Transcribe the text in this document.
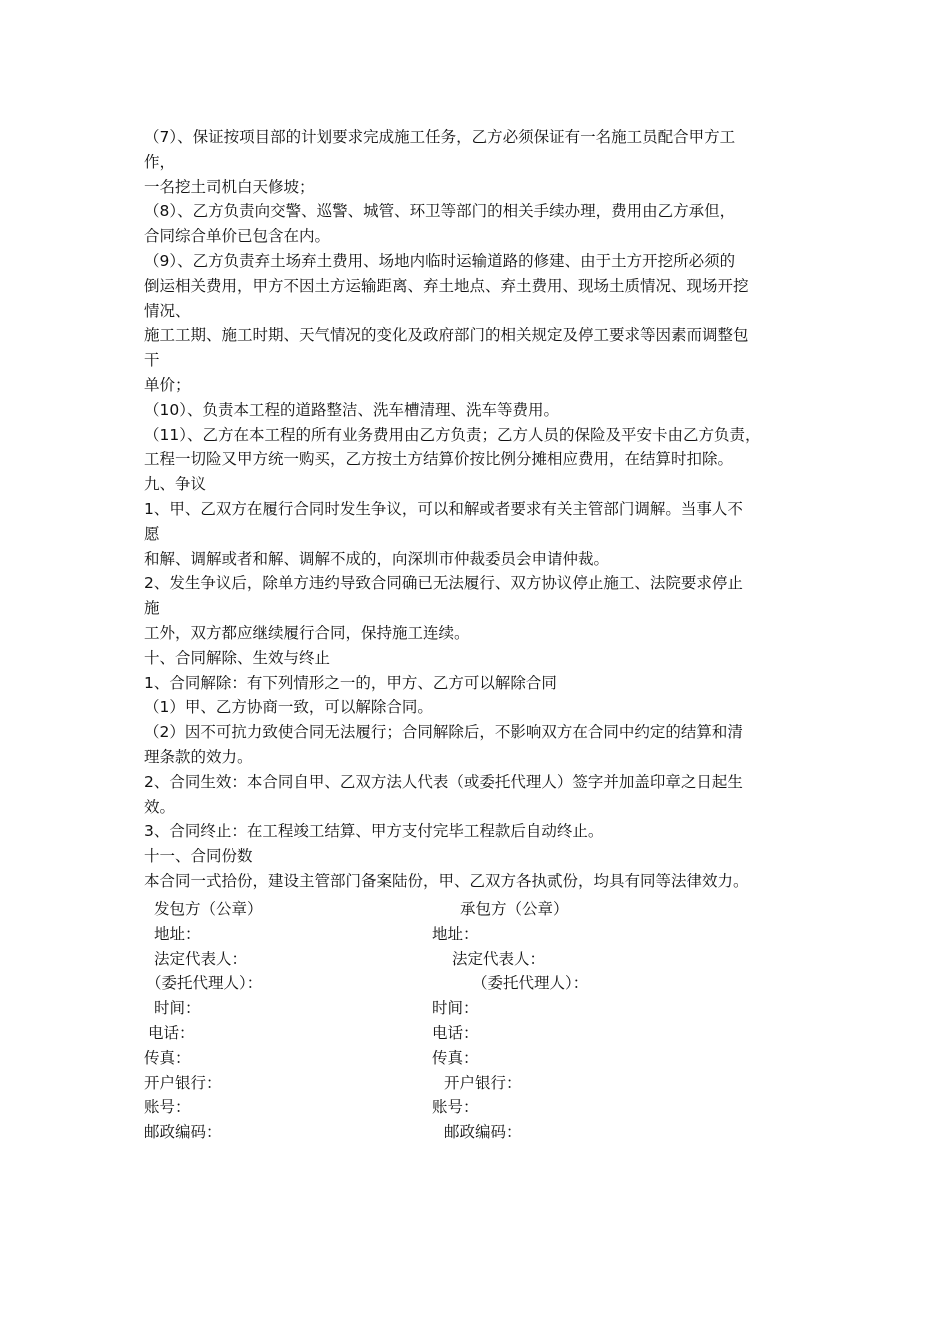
（7）、保证按项目部的计划要求完成施工任务，乙方必须保证有一名施工员配合甲方工
作，
一名挖土司机白天修坡；
（8）、乙方负责向交警、巡警、城管、环卫等部门的相关手续办理，费用由乙方承但，
合同综合单价已包含在内。
（9）、乙方负责弃土场弃土费用、场地内临时运输道路的修建、由于土方开挖所必须的
倒运相关费用，甲方不因土方运输距离、弃土地点、弃土费用、现场土质情况、现场开挖
情况、
施工工期、施工时期、天气情况的变化及政府部门的相关规定及停工要求等因素而调整包
干
单价；
（10）、负责本工程的道路整洁、洗车槽清理、洗车等费用。
（11）、乙方在本工程的所有业务费用由乙方负责；乙方人员的保险及平安卡由乙方负责，
工程一切险又甲方统一购买，乙方按土方结算价按比例分摊相应费用，在结算时扣除。
九、争议
1、甲、乙双方在履行合同时发生争议，可以和解或者要求有关主管部门调解。当事人不
愿
和解、调解或者和解、调解不成的，向深圳市仲裁委员会申请仲裁。
2、发生争议后，除单方违约导致合同确已无法履行、双方协议停止施工、法院要求停止
施
工外，双方都应继续履行合同，保持施工连续。
十、合同解除、生效与终止
1、合同解除：有下列情形之一的，甲方、乙方可以解除合同
（1）甲、乙方协商一致，可以解除合同。
（2）因不可抗力致使合同无法履行；合同解除后，不影响双方在合同中约定的结算和清
理条款的效力。
2、合同生效：本合同自甲、乙双方法人代表（或委托代理人）签字并加盖印章之日起生
效。
3、合同终止：在工程竣工结算、甲方支付完毕工程款后自动终止。
十一、合同份数
本合同一式拾份，建设主管部门备案陆份，甲、乙双方各执贰份，均具有同等法律效力。
发包方（公章）	承包方（公章）
地址：	地址：
法定代表人：	法定代表人：
（委托代理人）：	（委托代理人）：
时间：	时间：
电话：	电话：
传真：	传真：
开户银行：	开户银行：
账号：	账号：
邮政编码：	邮政编码：
